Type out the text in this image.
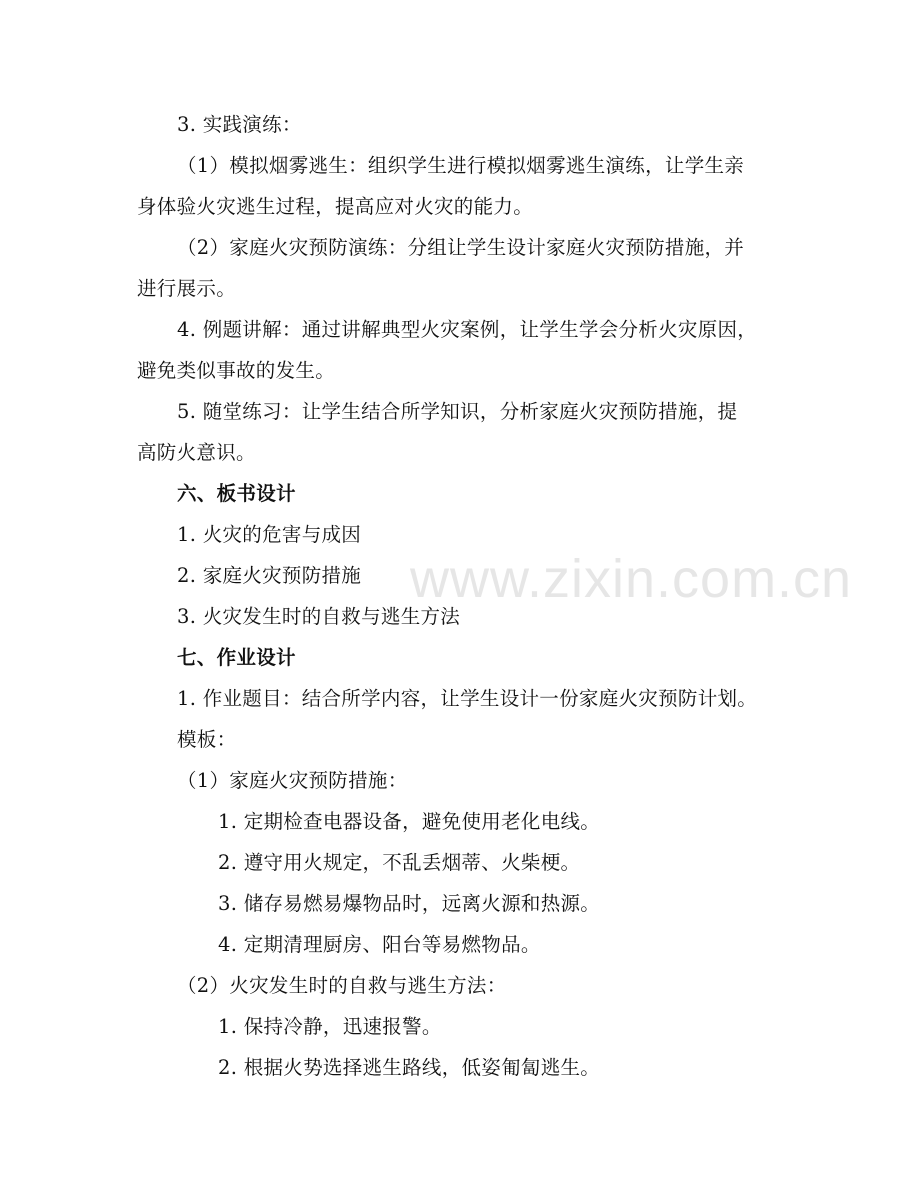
www.zixin.com.cn
3. 实践演练：
（1）模拟烟雾逃生：组织学生进行模拟烟雾逃生演练，让学生亲
身体验火灾逃生过程，提高应对火灾的能力。
（2）家庭火灾预防演练：分组让学生设计家庭火灾预防措施，并
进行展示。
4. 例题讲解：通过讲解典型火灾案例，让学生学会分析火灾原因，
避免类似事故的发生。
5. 随堂练习：让学生结合所学知识，分析家庭火灾预防措施，提
高防火意识。
六、板书设计
1. 火灾的危害与成因
2. 家庭火灾预防措施
3. 火灾发生时的自救与逃生方法
七、作业设计
1. 作业题目：结合所学内容，让学生设计一份家庭火灾预防计划。
模板：
（1）家庭火灾预防措施：
1. 定期检查电器设备，避免使用老化电线。
2. 遵守用火规定，不乱丢烟蒂、火柴梗。
3. 储存易燃易爆物品时，远离火源和热源。
4. 定期清理厨房、阳台等易燃物品。
（2）火灾发生时的自救与逃生方法：
1. 保持冷静，迅速报警。
2. 根据火势选择逃生路线，低姿匍匐逃生。
